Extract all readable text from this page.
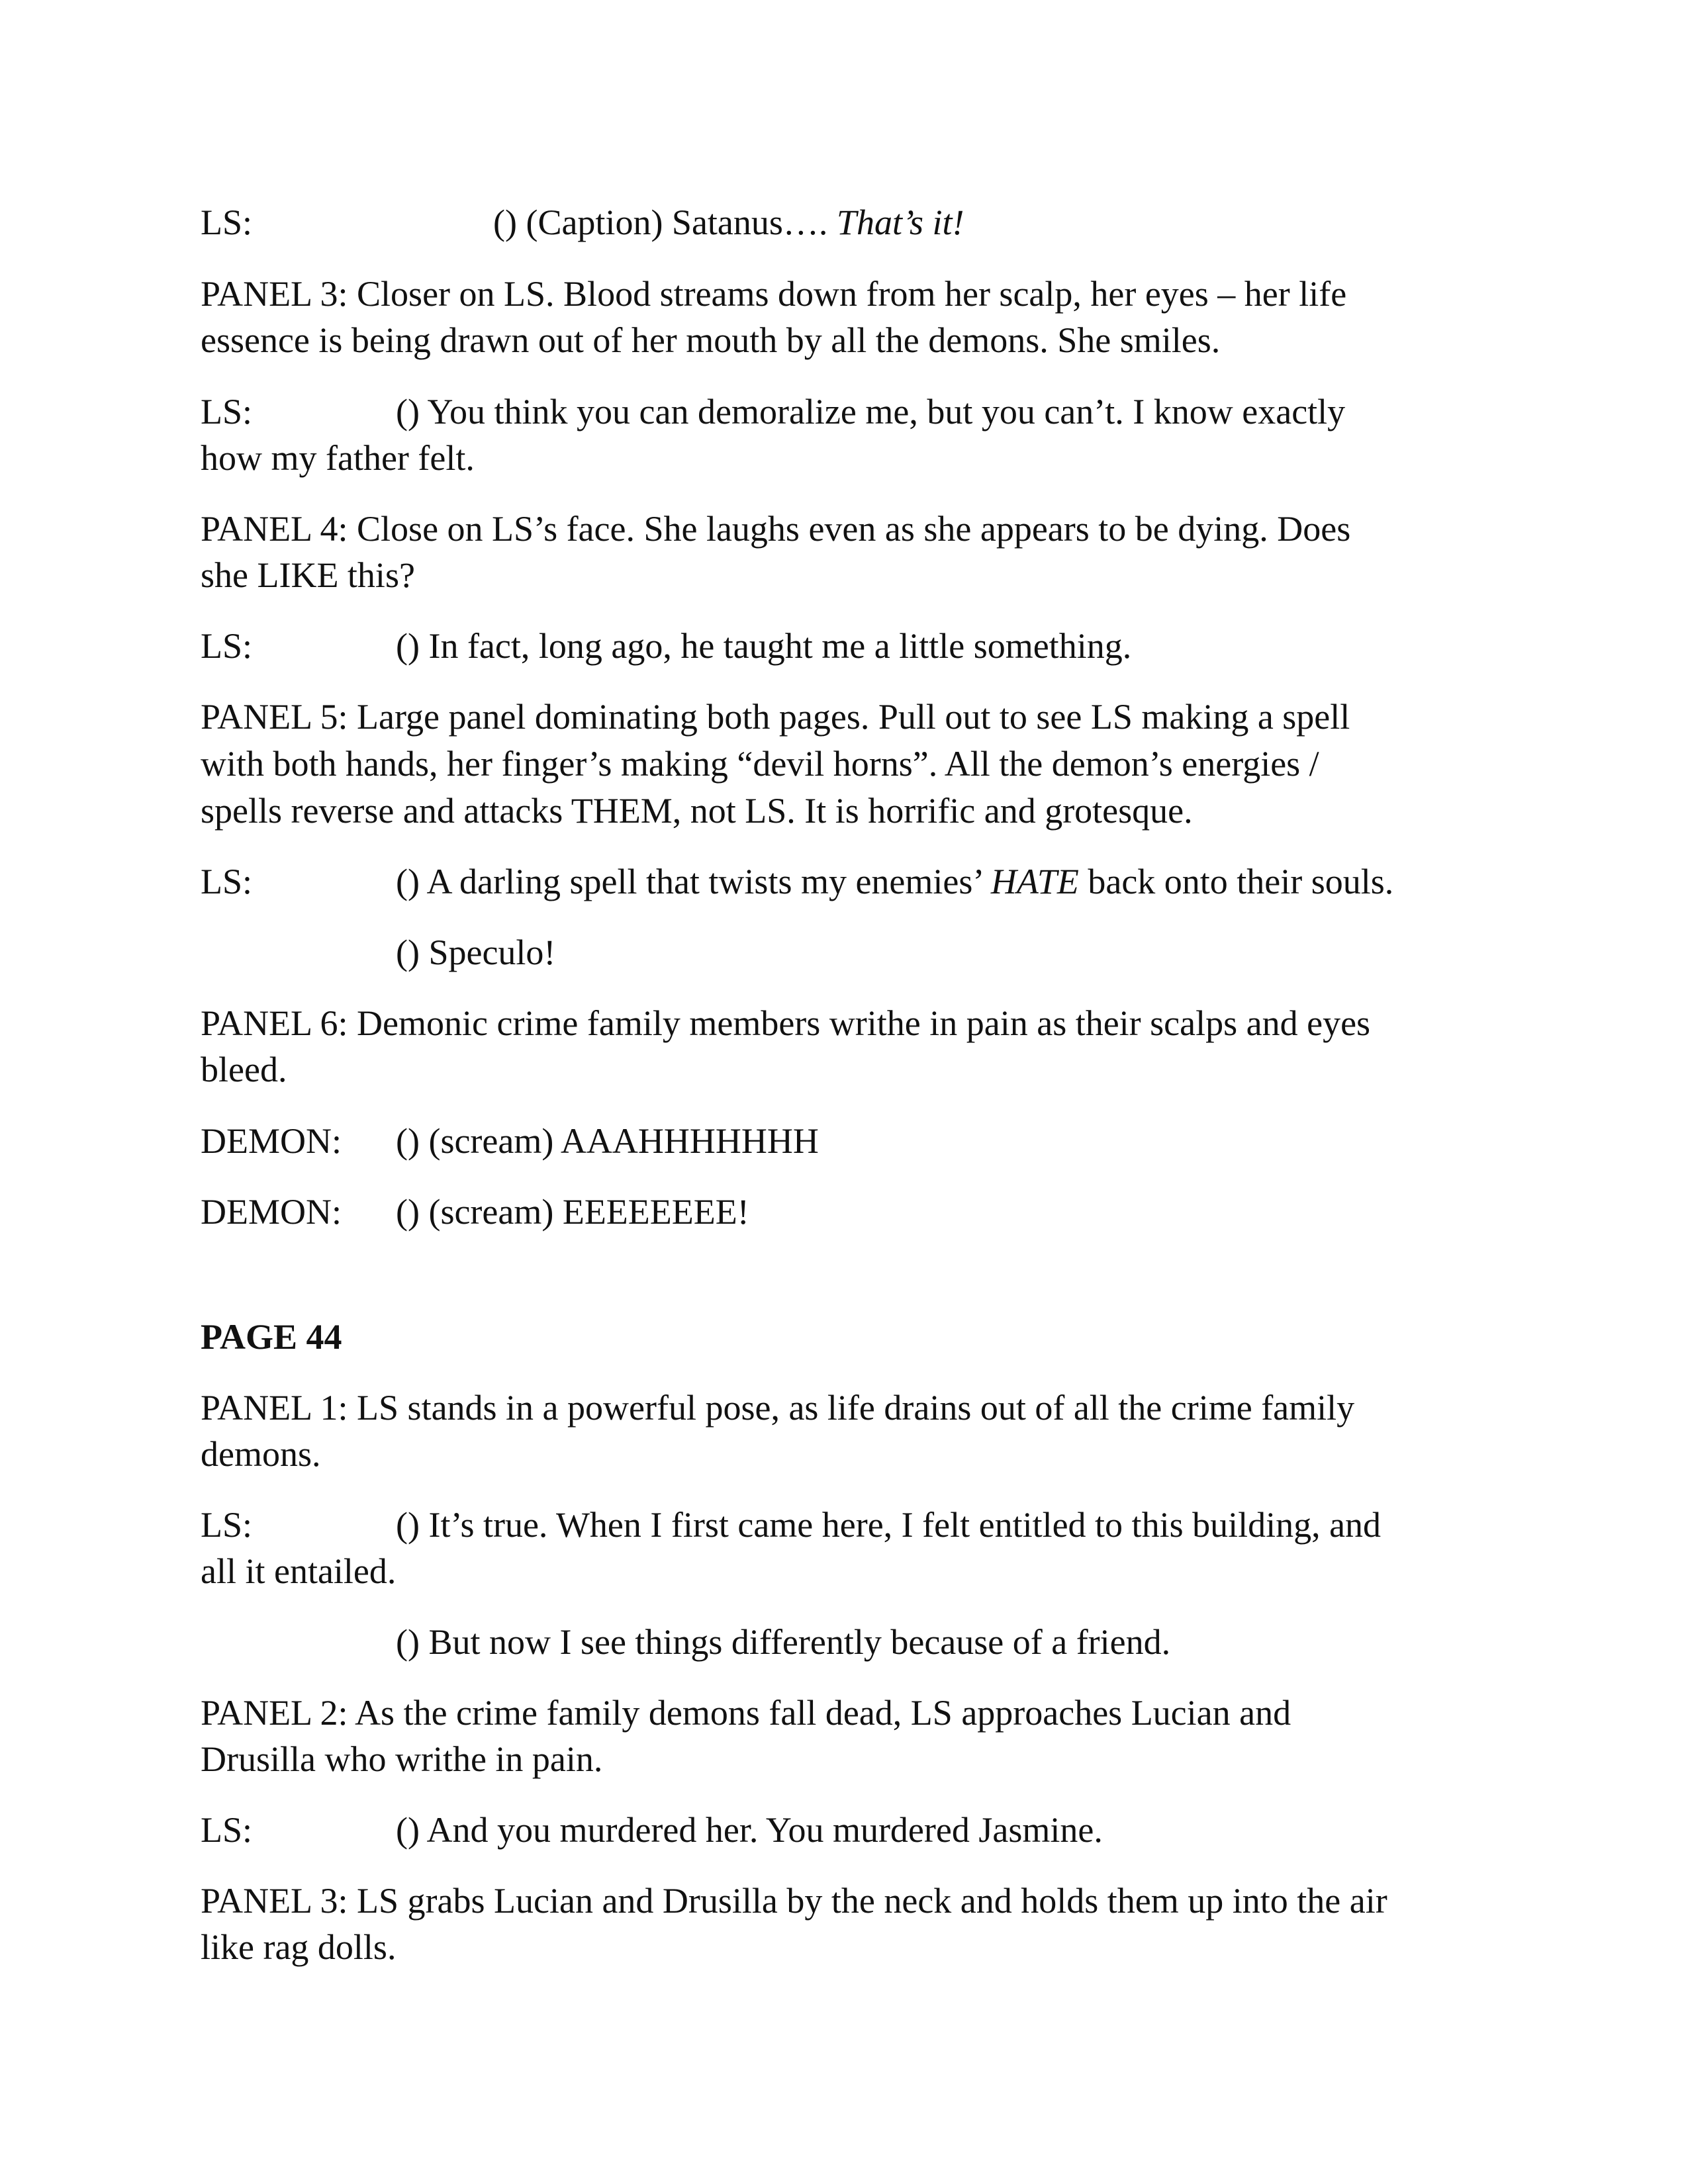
LS:	() (Caption) Satanus…. That’s it!
PANEL 3: Closer on LS. Blood streams down from her scalp, her eyes – her life
essence is being drawn out of her mouth by all the demons. She smiles.
LS:	() You think you can demoralize me, but you can’t. I know exactly
how my father felt.
PANEL 4: Close on LS’s face. She laughs even as she appears to be dying. Does
she LIKE this?
LS:	() In fact, long ago, he taught me a little something.
PANEL 5: Large panel dominating both pages. Pull out to see LS making a spell
with both hands, her finger’s making “devil horns”. All the demon’s energies /
spells reverse and attacks THEM, not LS. It is horrific and grotesque.
LS:	() A darling spell that twists my enemies’ HATE back onto their souls.
() Speculo!
PANEL 6: Demonic crime family members writhe in pain as their scalps and eyes
bleed.
DEMON: () (scream) AAAHHHHHHH
DEMON: () (scream) EEEEEEEE!
PAGE 44
PANEL 1: LS stands in a powerful pose, as life drains out of all the crime family
demons.
LS:	() It’s true. When I first came here, I felt entitled to this building, and
all it entailed.
() But now I see things differently because of a friend.
PANEL 2: As the crime family demons fall dead, LS approaches Lucian and
Drusilla who writhe in pain.
LS:	() And you murdered her. You murdered Jasmine.
PANEL 3: LS grabs Lucian and Drusilla by the neck and holds them up into the air
like rag dolls.
